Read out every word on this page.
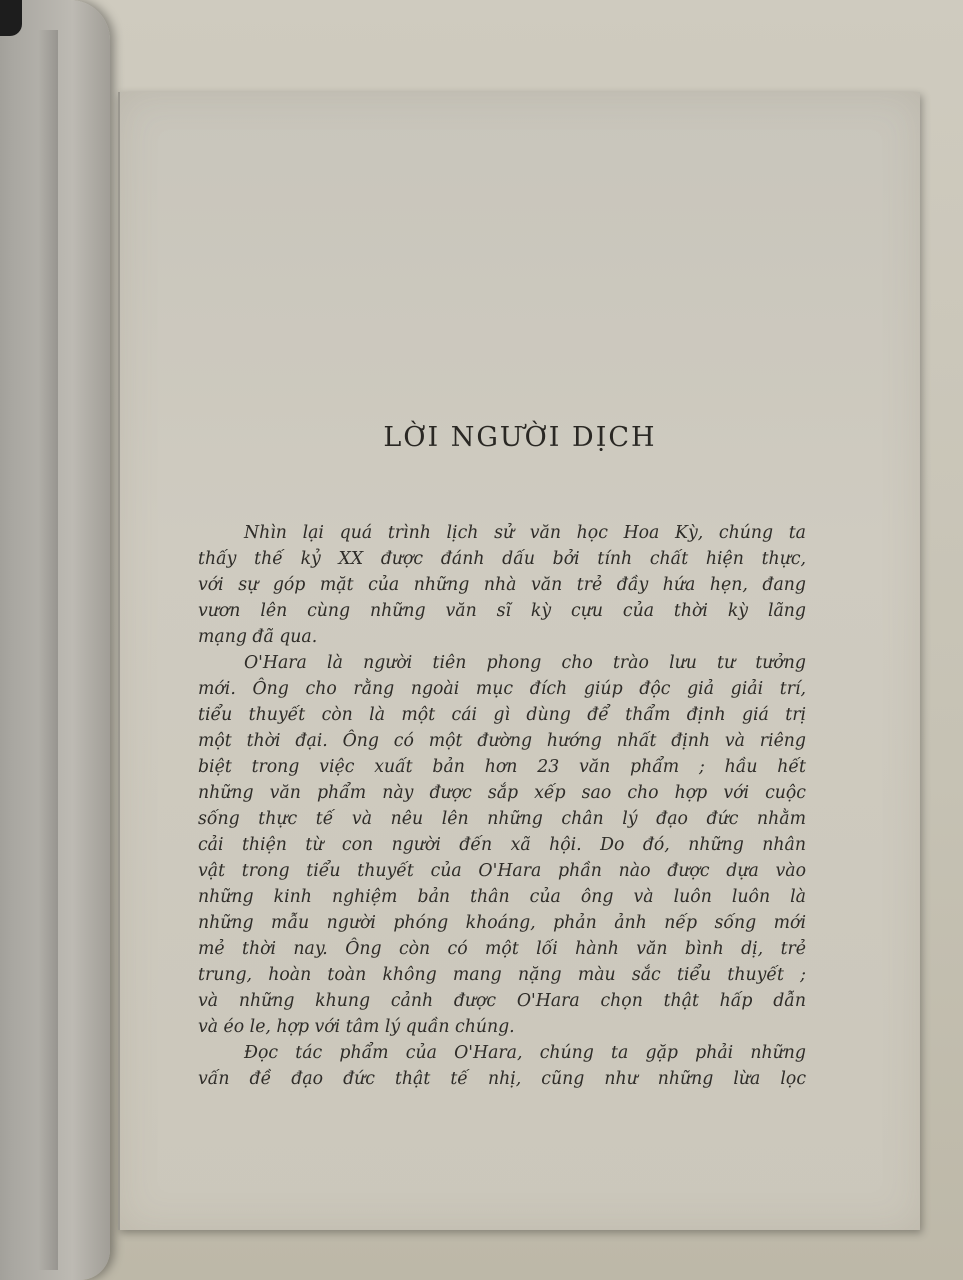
LỜI NGƯỜI DỊCH
Nhìn lại quá trình lịch sử văn học Hoa Kỳ, chúng ta
thấy thế kỷ XX được đánh dấu bởi tính chất hiện thực,
với sự góp mặt của những nhà văn trẻ đầy hứa hẹn, đang
vươn lên cùng những văn sĩ kỳ cựu của thời kỳ lãng
mạng đã qua.
O'Hara là người tiên phong cho trào lưu tư tưởng
mới. Ông cho rằng ngoài mục đích giúp độc giả giải trí,
tiểu thuyết còn là một cái gì dùng để thẩm định giá trị
một thời đại. Ông có một đường hướng nhất định và riêng
biệt trong việc xuất bản hơn 23 văn phẩm ; hầu hết
những văn phẩm này được sắp xếp sao cho hợp với cuộc
sống thực tế và nêu lên những chân lý đạo đức nhằm
cải thiện từ con người đến xã hội. Do đó, những nhân
vật trong tiểu thuyết của O'Hara phần nào được dựa vào
những kinh nghiệm bản thân của ông và luôn luôn là
những mẫu người phóng khoáng, phản ảnh nếp sống mới
mẻ thời nay. Ông còn có một lối hành văn bình dị, trẻ
trung, hoàn toàn không mang nặng màu sắc tiểu thuyết ;
và những khung cảnh được O'Hara chọn thật hấp dẫn
và éo le, hợp với tâm lý quần chúng.
Đọc tác phẩm của O'Hara, chúng ta gặp phải những
vấn đề đạo đức thật tế nhị, cũng như những lừa lọc
